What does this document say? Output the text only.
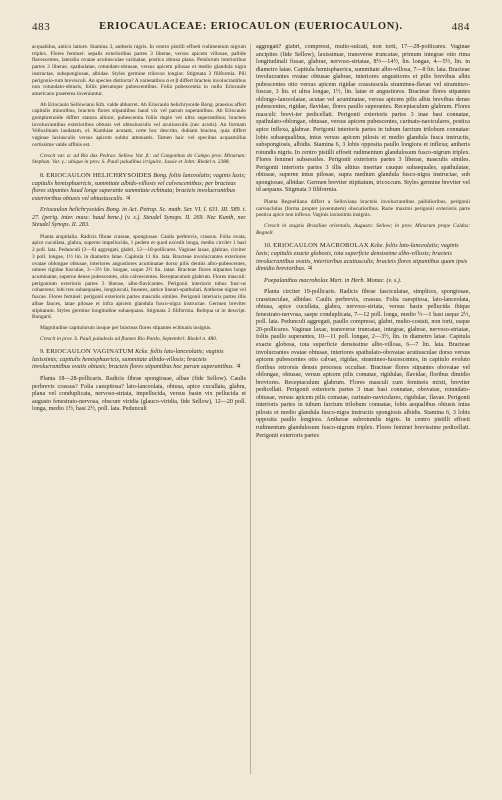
483	ERIOCAULACEAE: ERIOCAULON (EUERIOCAULON).	484

acquabilus, antico latiore. Stamina 3, antheris nigris. In centro pistilli effoeti rudimentum nigrum triplex. Flores feminei: sepalis exterioribus partes 3 liberae, versus apicem villosae, pallide flavescentes, lateralia ovatae acutiusculae carinatae, postica obtusa plana. Petalorum interioribus partes 3 liberae, spathulatae, rotundato-obtusae, versus apicem pilosae et medio glandula nigra instructae, subspongiosae, albidae. Styles germine trilocoo longior. Stigmata 3 filiformia. Pili perigonio-rum brevisculi. An species distincta? A varietatibus α et β differt bracteis involucrantibus non rotundato-obtusis, foliis plerumque pubescentibus. Folia pubescentia in nullo Eriocaule americano praeterea inveniuntur.

Ab Eriocaulo Sellowiano Kth. valde abhorret. Ab Eriocaulo helichrysoide Bong. praesius affert capitulis minoribus, bracteis flores stipantibus haud vix vel parum superantibus. Ab Eriocaulo gomphrenoide differt statura altiore, pubescentia foliis duplo vel ultra superantibus; bracteis involucrantibus exterioribus obtusis vel obtusiusculis vel acutiusculis (nec acutis). An formam Velloziinam laudatam, el. Kunthiae acutam, certe hoc descrito, dubiam bractea, quia differt vaginae laxiusculis versus apicem subito attenuatis. Tamen haic vel specibus acquamillus certissime valde affinis est.

Crescit var. α: ad Rio das Pedras: Sellow. Var. β.: ad Congonhas do Campo prov. Minarum: Stephan. Var. γ.: ubique in prov. S. Pauli paludibus irriguire, Jussie et John: Riedel n. 2388.

8. ERIOCAULON HELICHRYSOIDES Bong. foliis lanceolatis; vaginis laxis; capitulis hemisphaericis, summitate albido-villosis vel calvescentibus; per bracteas flores stipantes haud longe superante summitate echinata; bracteis involucrantibus exterioribus obtusis vel obtusiusculis. ♃

Eriocaulon helichrysoides Bong. in Act. Petrop. Sc. math. Ser. VI. I. 631. III. 589. t. 27. (perig. inter. masc. haud bene.) (v. s.). Steudel Synops. II. 269. Nec Kunth, nec Steudel Synops. II. 283.

Planta arspidalia. Radicis fibrae crassae, spongiosae. Caulis perbrevis, crassus. Folia ovata, apice cucullata, glabra, superne impellucida, 1 pedem et quod excedit longa, medio circiter 1 basi 2 poll. lata. Pedunculi (3—6) aggregati, glabri, 12—18-pollicares. Vaginae laxae, glabrae, circiter 3 poll. longae, 1½ lin. in diametro latae. Capitula 11 lin. lata. Bracteae involucrantes exteriores ovatae oblongae obtusae, interiores angustiores acuminatae dorso pilis dentiis albo-pubescentes, omnes rigidae fusculae, 3—3½ lin. longae, usque 2½ lin. latae. Bracteae flores stipantes longe acuminatae, superne dense pubescentes, olio calvescentes. Receptaculum glabrum. Flores masculi: perigonium exterioris partes 3 liberae, albo-flavicantes. Perigonii interioris tubus fusc-us cohaerens; lobi tres subaequales, longiusculi, lineares, antice lineari-spathulati. Antherae nigrae vel fuscae. Flores feminei: perigonii exterioris partes masculis similes. Perigonii interioris partes illis albae fauces, latae pilosae et infra apicem glandula fusco-nigra instructae. Germen breviter stipitatum. Styles germine longitudine subaequans. Stigmata 3 filiformia. Reliqua ut in descript. Bongard.

Magnitudine capitulorum insque per bracteas flores stipantes echinatis insignis.

Crescit in prov. S. Pauli paludosis ad flumen Rio Pardo, Septembri: Riedel n. 480.

9. ERIOCAULON VAGINATUM Kcke. foliis lato-lanceolatis; vaginis laxissimis; capitulis hemisphaericis, summitate albido-villosis; bracteis involucrantibus ovatis obtusis; bracteis flores stipantibus hoc parum superantibus. ♃

Planta 18—28-pollicaris. Radicis fibrae spongiosae, albae (fide Sellow). Caulis perbrevis crassus? Folia caespitosa? lato-lanceolata, obtusa, apice cucullata, glabra, plana vel conduplicata, nervoso-striata, impellucida, versus basin vix pellucida et augusto fenestrato-nervosa, obscure viridia (glauco-viridia, fide Sellow), 12—20 poll. longa, medio 1½, basi 2½, poll. lata. Pedunculi

aggregati? glabri, compressi, multo-sulcati, non torti, 17—28-pollicares. Vaginae ancipites (fide Sellow), laxissimae, transverse truncatae, primum integrae otio rima longitudinali fissae, glabrae, nervoso-striatae, 8½—14½, lin. longae, 4—5½, lin. in diametro latae. Capitula hemisphaerica, summitate albo-villosa, 7—8 lin. lata. Bracteae involucrantes ovatae obtusae glabrae, interiores angustiores et pilis brevibus albis pubescentes otio versus apicem rigidae crassiuscula straminea-flavae vel stramineo-fuscae, 3 lin. et ultra longae, 1½, lin. latae et angustiores. Bracteae flores stipantes oblongo-lanceolatae, acutae vel acuminatae, versus apicem pilis albis brevibus dense pubescentes, rigidae, flavidae, flores paullo superantes. Receptaculum glabrum. Flores masculi: brevi-ter pedicellati. Perigonii exterioris partes 3 inae basi connatae, spathulato-oblongae, obtusae, versus apicem pubescentes, carinato-naviculares, postica apice inflexa, glabrae. Perigonii interioris partes in tubum farctum trilobum connatae: lobis subaequalibus, intus versus apicem pilosis et medio glandula fusca instructis, subspongiosis, albidis. Stamina 6, 3 lobis opposita paullo longiora et inflexa; antheris rotundis nigris. In centro pistilli effoeti rudimentum glandulosum fusco-nigrum triplex. Flores feminei subsessiles. Perigonii exterioris partes 3 liberae, masculis similes. Perigonii interioris partes 3 illis alttius insertae cauque subaequales, spathulatae, obtusae, superne intus pilosae, supra medium glandula fusco-nigra instructae, sub spongiosae, albidae. Germen breviter stipitatum, tricoccum. Styles germine breviter vel id aequans. Stigmata 3 filiformia.

Planta Regnelliana differt a Selloviana bracteis involucrantibus pallidioribus, perigonii carviuclulus (forma propter juventutem) obscurioribus. Rarie maximi perigonii exterioris parte postica apice non inflexa. Vaginis laxissimis insignis.

Crescit in stagnis Brasiliae orientalis, Augusto: Sellow; in prov. Minarum prope Caldas: Regnell.

10. ERIOCAULON MACROBOLAX Kcke. foliis lato-lanceolatis; vaginis laxis; capitulis exacte globosis, tota superficie densissime albo-villosis; bracteis involucrantibus ovatis, interioribus acutiusculis; bracteis flores stipantibus quam ipsis dimidio brevioribus. ♃

Poepalanthus macrobolax Mart. in Herb. Monac. (v. s.).

Planta circiter 19-pollicaris. Radicis fibrae fasciculatae, simplices, spongiosae, crassiusculae, albidae. Caulis perbrevis, crassus. Folia caespitosa, lato-lanceolata, obtusa, apice cucullata, glabra, nervoso-striata, versus basin pellucida ibique fenestrato-nervosa, saepe conduplicata, 7—12 poll. longa, medio ½—1 basi usque 2½, poll. lata. Pedunculi aggregati, paullo compressi, glabri, multo-costati, non torti, usque 20-pollicares. Vaginae laxae, transverse truncatae, integrae, glabrae, nervoso-striatae, foliis paullo superantes, 10—11 poll. longae, 2—3½, lin. in diametro latae. Capitula exacte globosa, tota superficie densissime albo-villosa, 6—7 lin. lata. Bracteae involucrantes ovatae obtusae, interiores spathulato-obovatae acutiusculae dorso versus apicem pubescentes otio calvae, rigidae, stramineo-fuscescentes, in capitulo evoluto floribus retrorsis densis processu occultae. Bracteae flores stipantes obovatae vel oblongae, obtusae, versus apicem pilis comatae, rigidulae, flavidae, floribus dimidio breviores. Receptaculum glabrum. Flores masculi cum femineis mixti, breviter pedicellati. Perigonii exterioris partes 3 inae basi connatae, obovatae, rotundato-obtusae, versus apicem pilis comatae, carinato-naviculares, rigidulae, flavae. Perigonii interioris partes in tubum farctum trilobum connatae, lobis aequalibus obtusis intus pilosis et medio glandula fusco-nigra instructis spongiosis albidis. Stamina 6, 3 lobis opposita paullo longiora. Antherae subrotundis nigris. In centro pistilli effoeti rudimentum glandulosum fusco-nigrum triplex. Flores feminei brevissime pedicellati. Perigonii exterioris partes
